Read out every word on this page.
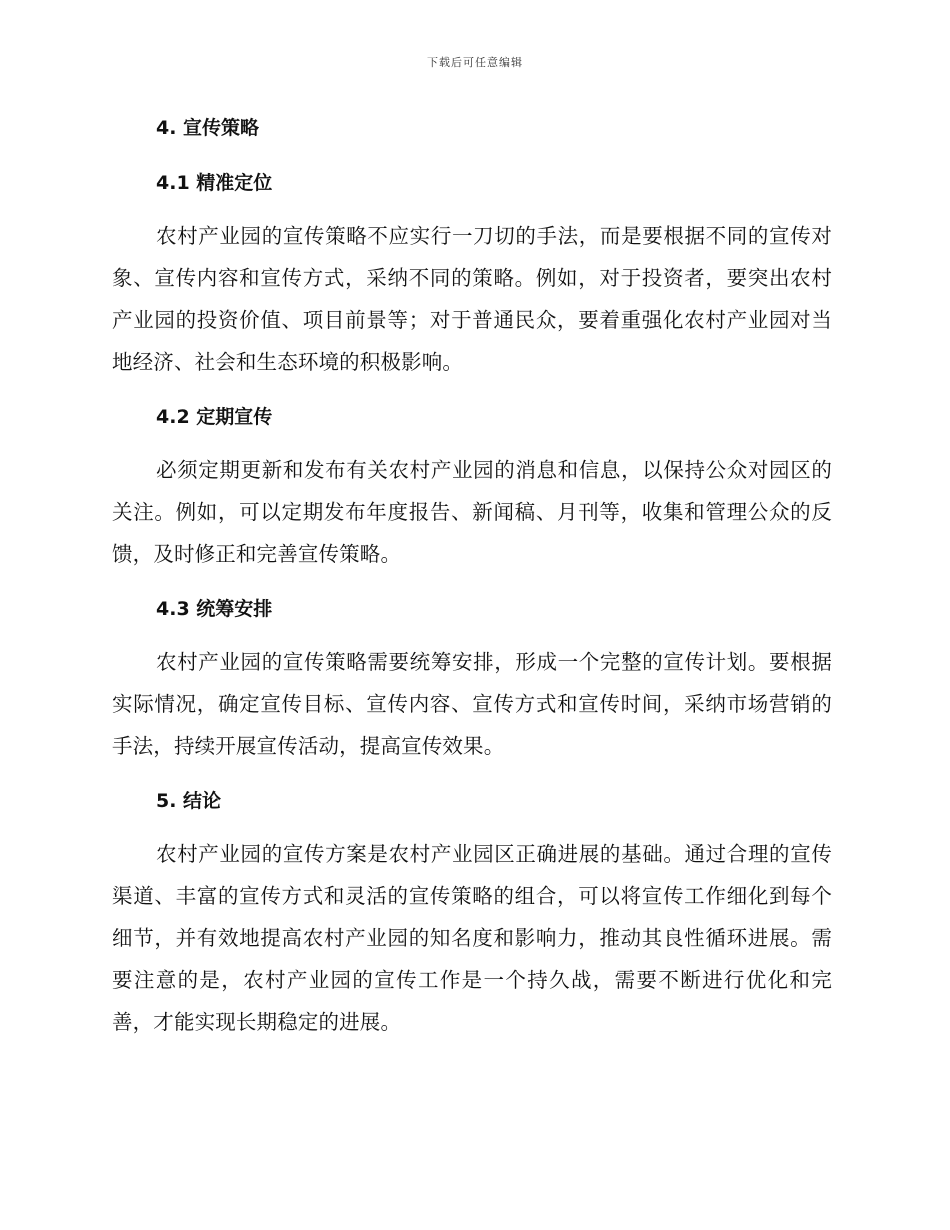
下载后可任意编辑
4. 宣传策略
4.1 精准定位

农村产业园的宣传策略不应实行一刀切的手法，而是要根据不同的宣传对象、宣传内容和宣传方式，采纳不同的策略。例如，对于投资者，要突出农村产业园的投资价值、项目前景等；对于普通民众，要着重强化农村产业园对当地经济、社会和生态环境的积极影响。

4.2 定期宣传

必须定期更新和发布有关农村产业园的消息和信息，以保持公众对园区的关注。例如，可以定期发布年度报告、新闻稿、月刊等，收集和管理公众的反馈，及时修正和完善宣传策略。

4.3 统筹安排

农村产业园的宣传策略需要统筹安排，形成一个完整的宣传计划。要根据实际情况，确定宣传目标、宣传内容、宣传方式和宣传时间，采纳市场营销的手法，持续开展宣传活动，提高宣传效果。

5. 结论

农村产业园的宣传方案是农村产业园区正确进展的基础。通过合理的宣传渠道、丰富的宣传方式和灵活的宣传策略的组合，可以将宣传工作细化到每个细节，并有效地提高农村产业园的知名度和影响力，推动其良性循环进展。需要注意的是，农村产业园的宣传工作是一个持久战，需要不断进行优化和完善，才能实现长期稳定的进展。
